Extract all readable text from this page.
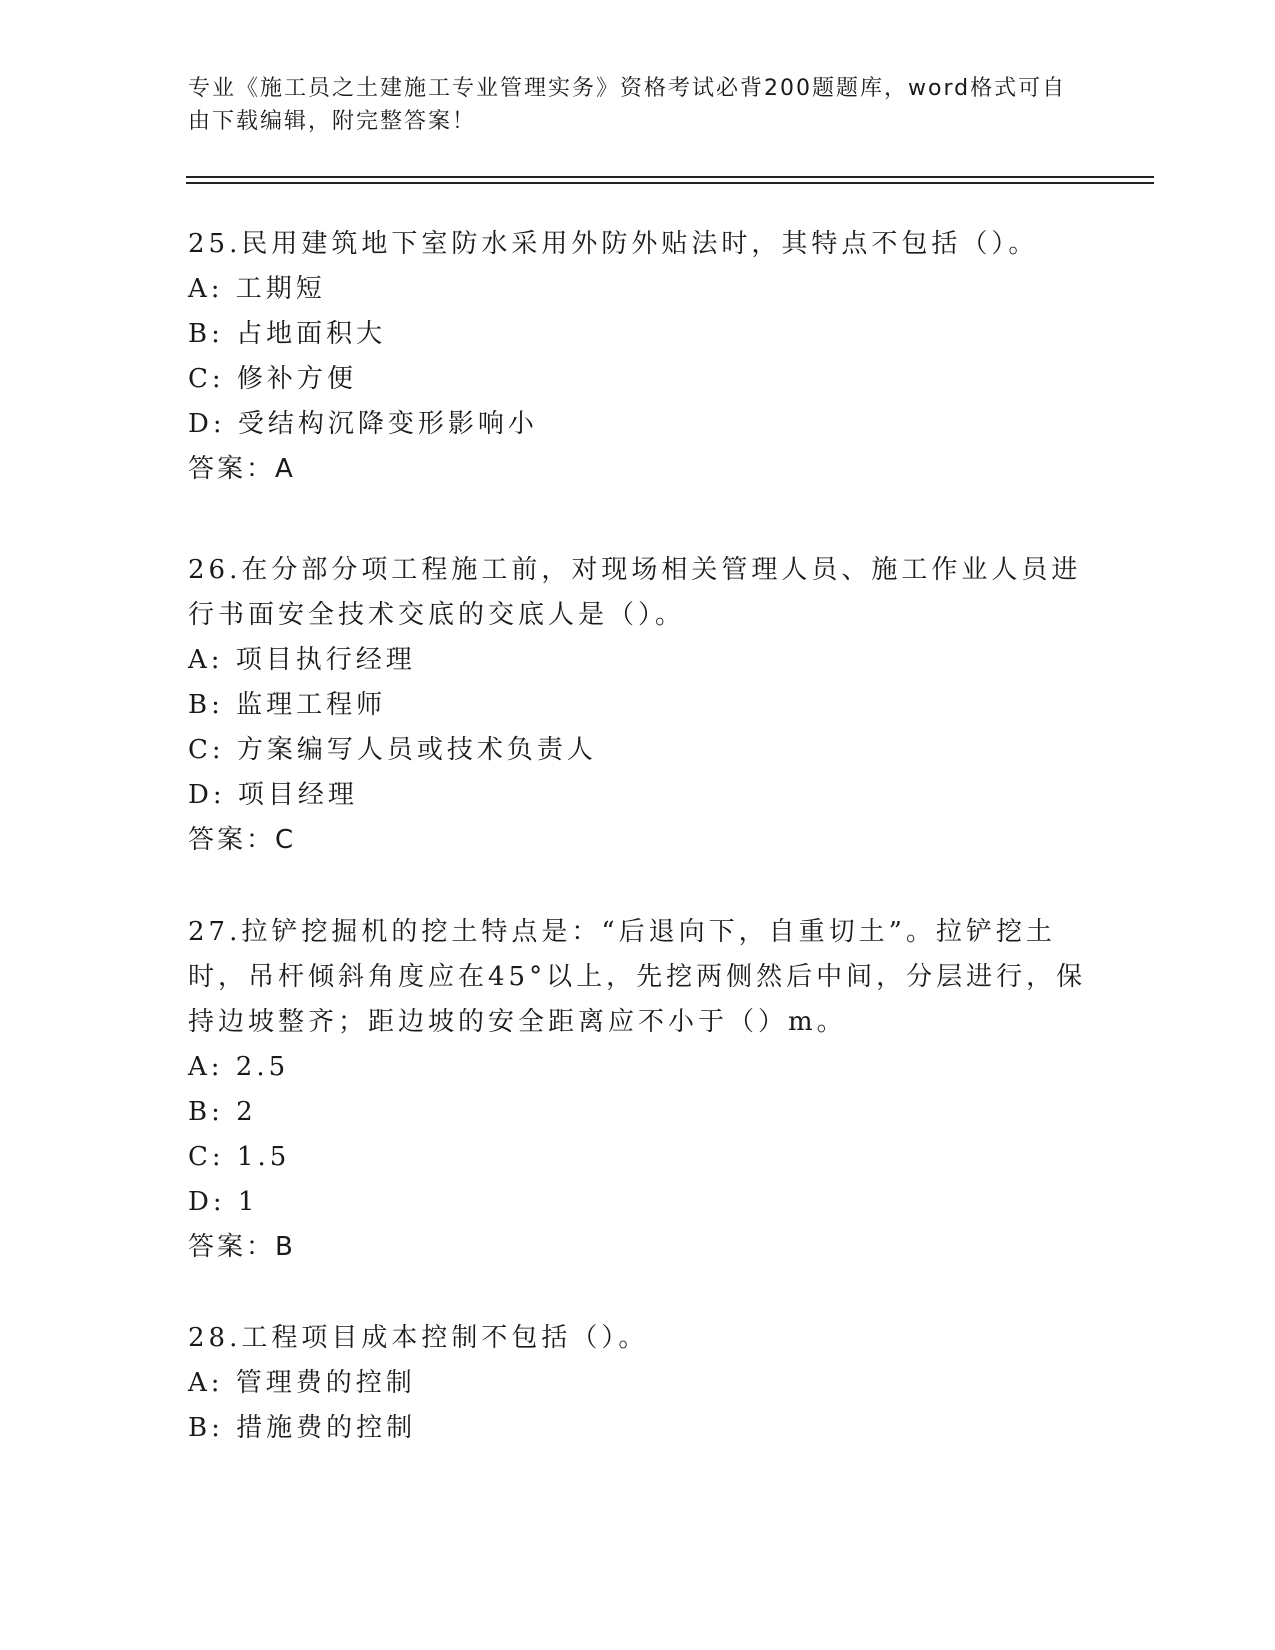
专业《施工员之土建施工专业管理实务》资格考试必背200题题库，word格式可自由下载编辑，附完整答案！

25.民用建筑地下室防水采用外防外贴法时，其特点不包括（）。

A: 工期短

B: 占地面积大

C: 修补方便

D: 受结构沉降变形影响小

答案：A

26.在分部分项工程施工前，对现场相关管理人员、施工作业人员进行书面安全技术交底的交底人是（）。

A: 项目执行经理

B: 监理工程师

C: 方案编写人员或技术负责人

D: 项目经理

答案：C

27.拉铲挖掘机的挖土特点是：“后退向下，自重切土”。拉铲挖土时，吊杆倾斜角度应在45°以上，先挖两侧然后中间，分层进行，保持边坡整齐；距边坡的安全距离应不小于（）m。

A: 2.5

B: 2

C: 1.5

D: 1

答案：B

28.工程项目成本控制不包括（）。

A: 管理费的控制

B: 措施费的控制
